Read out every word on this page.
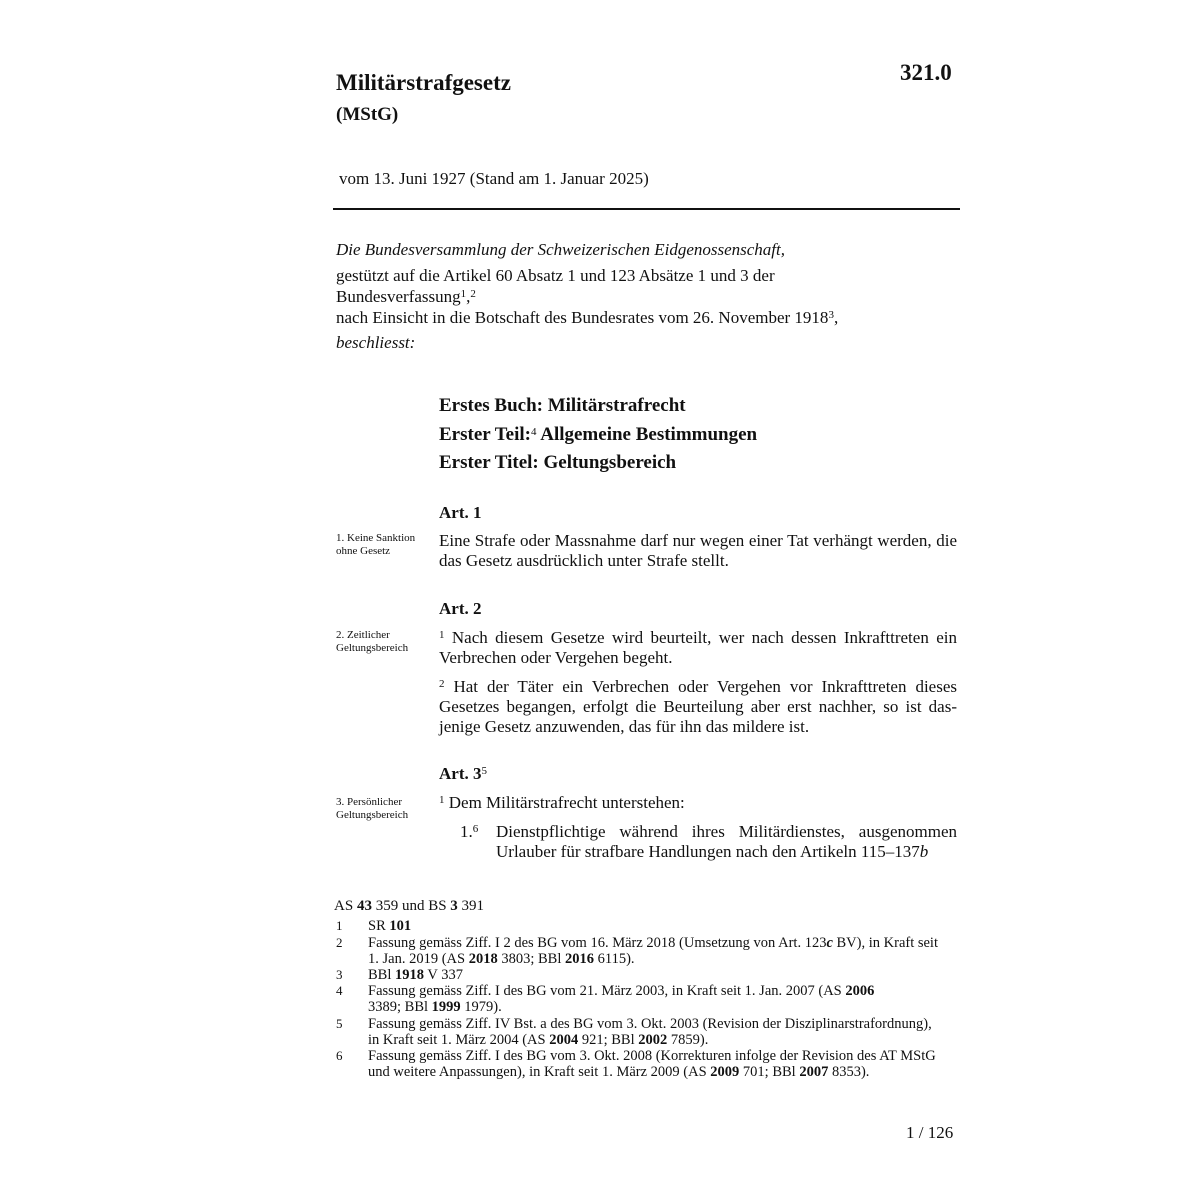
Militärstrafgesetz
(MStG)
321.0
vom 13. Juni 1927 (Stand am 1. Januar 2025)
Die Bundesversammlung der Schweizerischen Eidgenossenschaft,
gestützt auf die Artikel 60 Absatz 1 und 123 Absätze 1 und 3 der
Bundesverfassung$^1$,$^2$
nach Einsicht in die Botschaft des Bundesrates vom 26. November 1918$^3$,
beschliesst:
Erstes Buch: Militärstrafrecht
Erster Teil:$^4$ Allgemeine Bestimmungen
Erster Titel: Geltungsbereich
Art. 1
1. Keine Sanktion ohne Gesetz
Eine Strafe oder Massnahme darf nur wegen einer Tat verhängt werden, die das Gesetz ausdrücklich unter Strafe stellt.
Art. 2
2. Zeitlicher Geltungsbereich
$^1$ Nach diesem Gesetze wird beurteilt, wer nach dessen Inkrafttreten ein Verbrechen oder Vergehen begeht.
$^2$ Hat der Täter ein Verbrechen oder Vergehen vor Inkrafttreten dieses Gesetzes begangen, erfolgt die Beurteilung aber erst nachher, so ist dasjenige Gesetz anzuwenden, das für ihn das mildere ist.
Art. $3^5$
3. Persönlicher Geltungsbereich
$^1$ Dem Militärstrafrecht unterstehen:
1.$^6$ Dienstpflichtige während ihres Militärdienstes, ausgenommen Urlauber für strafbare Handlungen nach den Artikeln 115–137b
AS 43 359 und BS 3 391
1 SR 101
2 Fassung gemäss Ziff. I 2 des BG vom 16. März 2018 (Umsetzung von Art. 123c BV), in Kraft seit 1. Jan. 2019 (AS 2018 3803; BBl 2016 6115).
3 BBl 1918 V 337
4 Fassung gemäss Ziff. I des BG vom 21. März 2003, in Kraft seit 1. Jan. 2007 (AS 2006 3389; BBl 1999 1979).
5 Fassung gemäss Ziff. IV Bst. a des BG vom 3. Okt. 2003 (Revision der Disziplinarstrafordnung), in Kraft seit 1. März 2004 (AS 2004 921; BBl 2002 7859).
6 Fassung gemäss Ziff. I des BG vom 3. Okt. 2008 (Korrekturen infolge der Revision des AT MStG und weitere Anpassungen), in Kraft seit 1. März 2009 (AS 2009 701; BBl 2007 8353).
1 / 126
